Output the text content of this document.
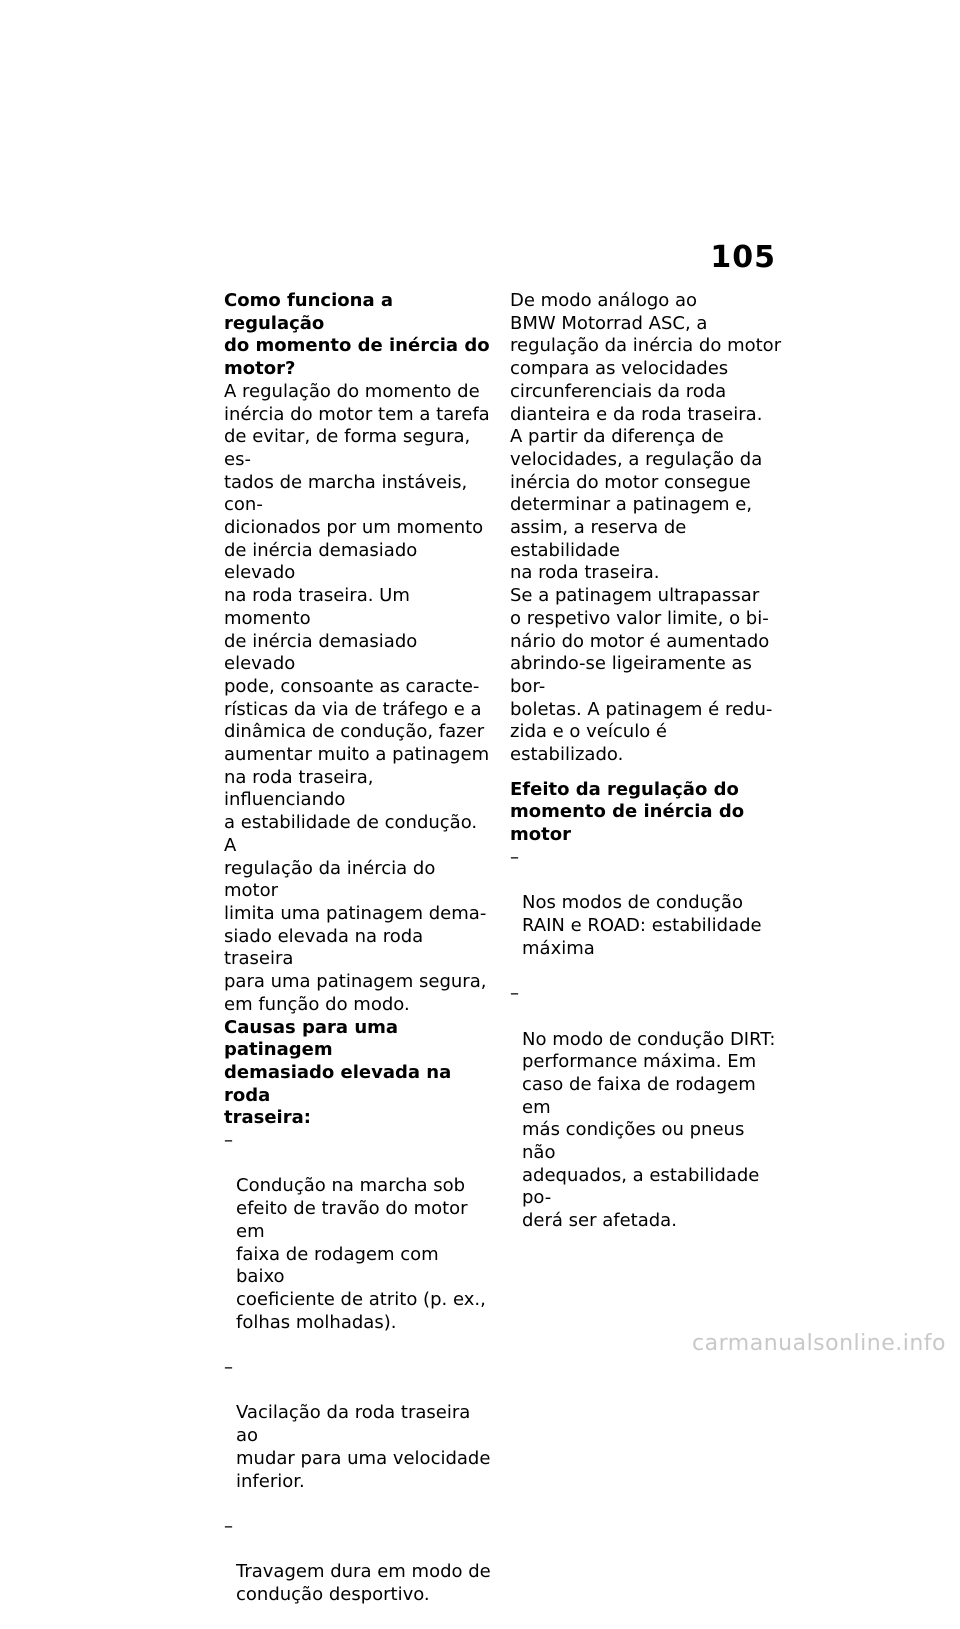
105

Como funciona a regulação
do momento de inércia do
motor?

A regulação do momento de
inércia do motor tem a tarefa
de evitar, de forma segura, es-
tados de marcha instáveis, con-
dicionados por um momento
de inércia demasiado elevado
na roda traseira. Um momento
de inércia demasiado elevado
pode, consoante as caracte-
rísticas da via de tráfego e a
dinâmica de condução, fazer
aumentar muito a patinagem
na roda traseira, influenciando
a estabilidade de condução. A
regulação da inércia do motor
limita uma patinagem dema-
siado elevada na roda traseira
para uma patinagem segura,
em função do modo.

Causas para uma patinagem
demasiado elevada na roda
traseira:

–

Condução na marcha sob
efeito de travão do motor em
faixa de rodagem com baixo
coeficiente de atrito (p. ex.,
folhas molhadas).

–

Vacilação da roda traseira ao
mudar para uma velocidade
inferior.

–

Travagem dura em modo de
condução desportivo.

De modo análogo ao
BMW Motorrad ASC, a
regulação da inércia do motor
compara as velocidades
circunferenciais da roda
dianteira e da roda traseira.

A partir da diferença de
velocidades, a regulação da
inércia do motor consegue
determinar a patinagem e,
assim, a reserva de estabilidade
na roda traseira.

Se a patinagem ultrapassar
o respetivo valor limite, o bi-
nário do motor é aumentado
abrindo-se ligeiramente as bor-
boletas. A patinagem é redu-
zida e o veículo é estabilizado.

Efeito da regulação do
momento de inércia do motor

–

Nos modos de condução
RAIN e ROAD: estabilidade
máxima

–

No modo de condução DIRT:
performance máxima. Em
caso de faixa de rodagem em
más condições ou pneus não
adequados, a estabilidade po-
derá ser afetada.

carmanualsonline.info
